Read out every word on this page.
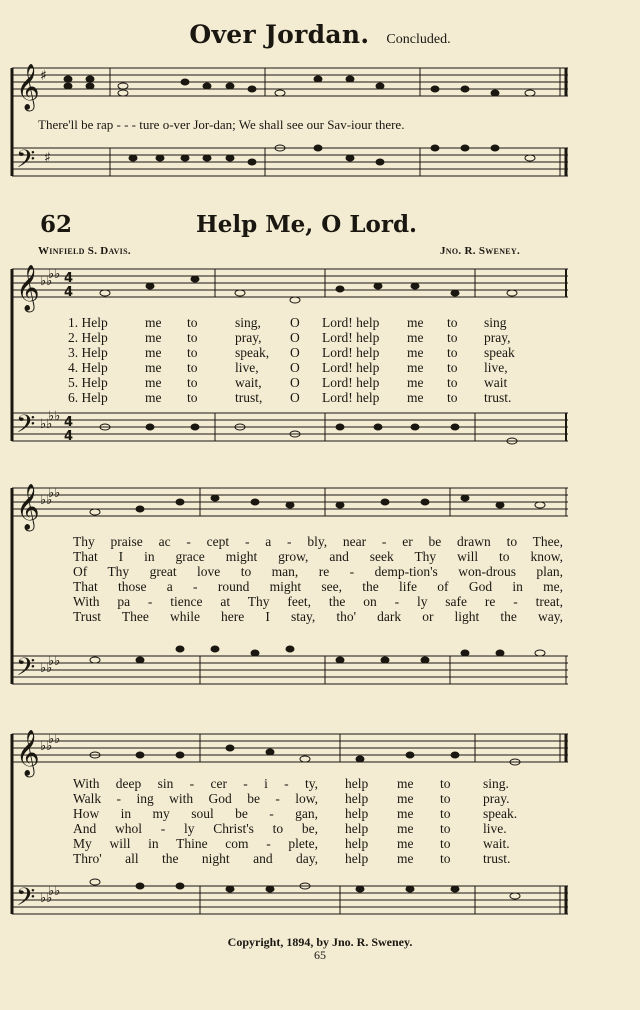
𝄞
𝄢
𝄞
𝄢
𝄞
𝄢
𝄞
𝄢
♯
♯
♭♭
♭♭
♭♭
♭♭
♭♭
♭♭
♭♭
♭♭
♭♭
♭♭
♭♭
♭♭
4
4
4
4
Over Jordan. Concluded.
There'll be rap - - - ture o-ver Jor-dan; We shall see our Sav-iour there.
62	Help Me, O Lord.
Winfield S. Davis.	Jno. R. Sweney.
1. Help	me to	sing, O Lord! help me to sing
2. Help	me to	pray, O Lord! help me to pray,
3. Help	me to	speak, O Lord! help me to speak
4. Help	me to	live, O Lord! help me to live,
5. Help	me to	wait, O Lord! help me to wait
6. Help	me to	trust, O Lord! help me to trust.
Thy praise ac - cept - a - bly, near - er be drawn to Thee,
That I in grace might grow, and seek Thy will to know,
Of Thy great love to man, re - demp-tion's won-drous plan,
That those a - round might see, the life of God in me,
With pa - tience at Thy feet, the on - ly safe re - treat,
Trust Thee while here I stay, tho' dark or light the way,
With deep sin - cer - i - ty, help me to sing.
Walk - ing with God be - low, help me to pray.
How in my soul be - gan, help me to speak.
And whol - ly Christ's to be, help me to live.
My will in Thine com - plete, help me to wait.
Thro' all the night and day, help me to trust.
Copyright, 1894, by Jno. R. Sweney.
65
